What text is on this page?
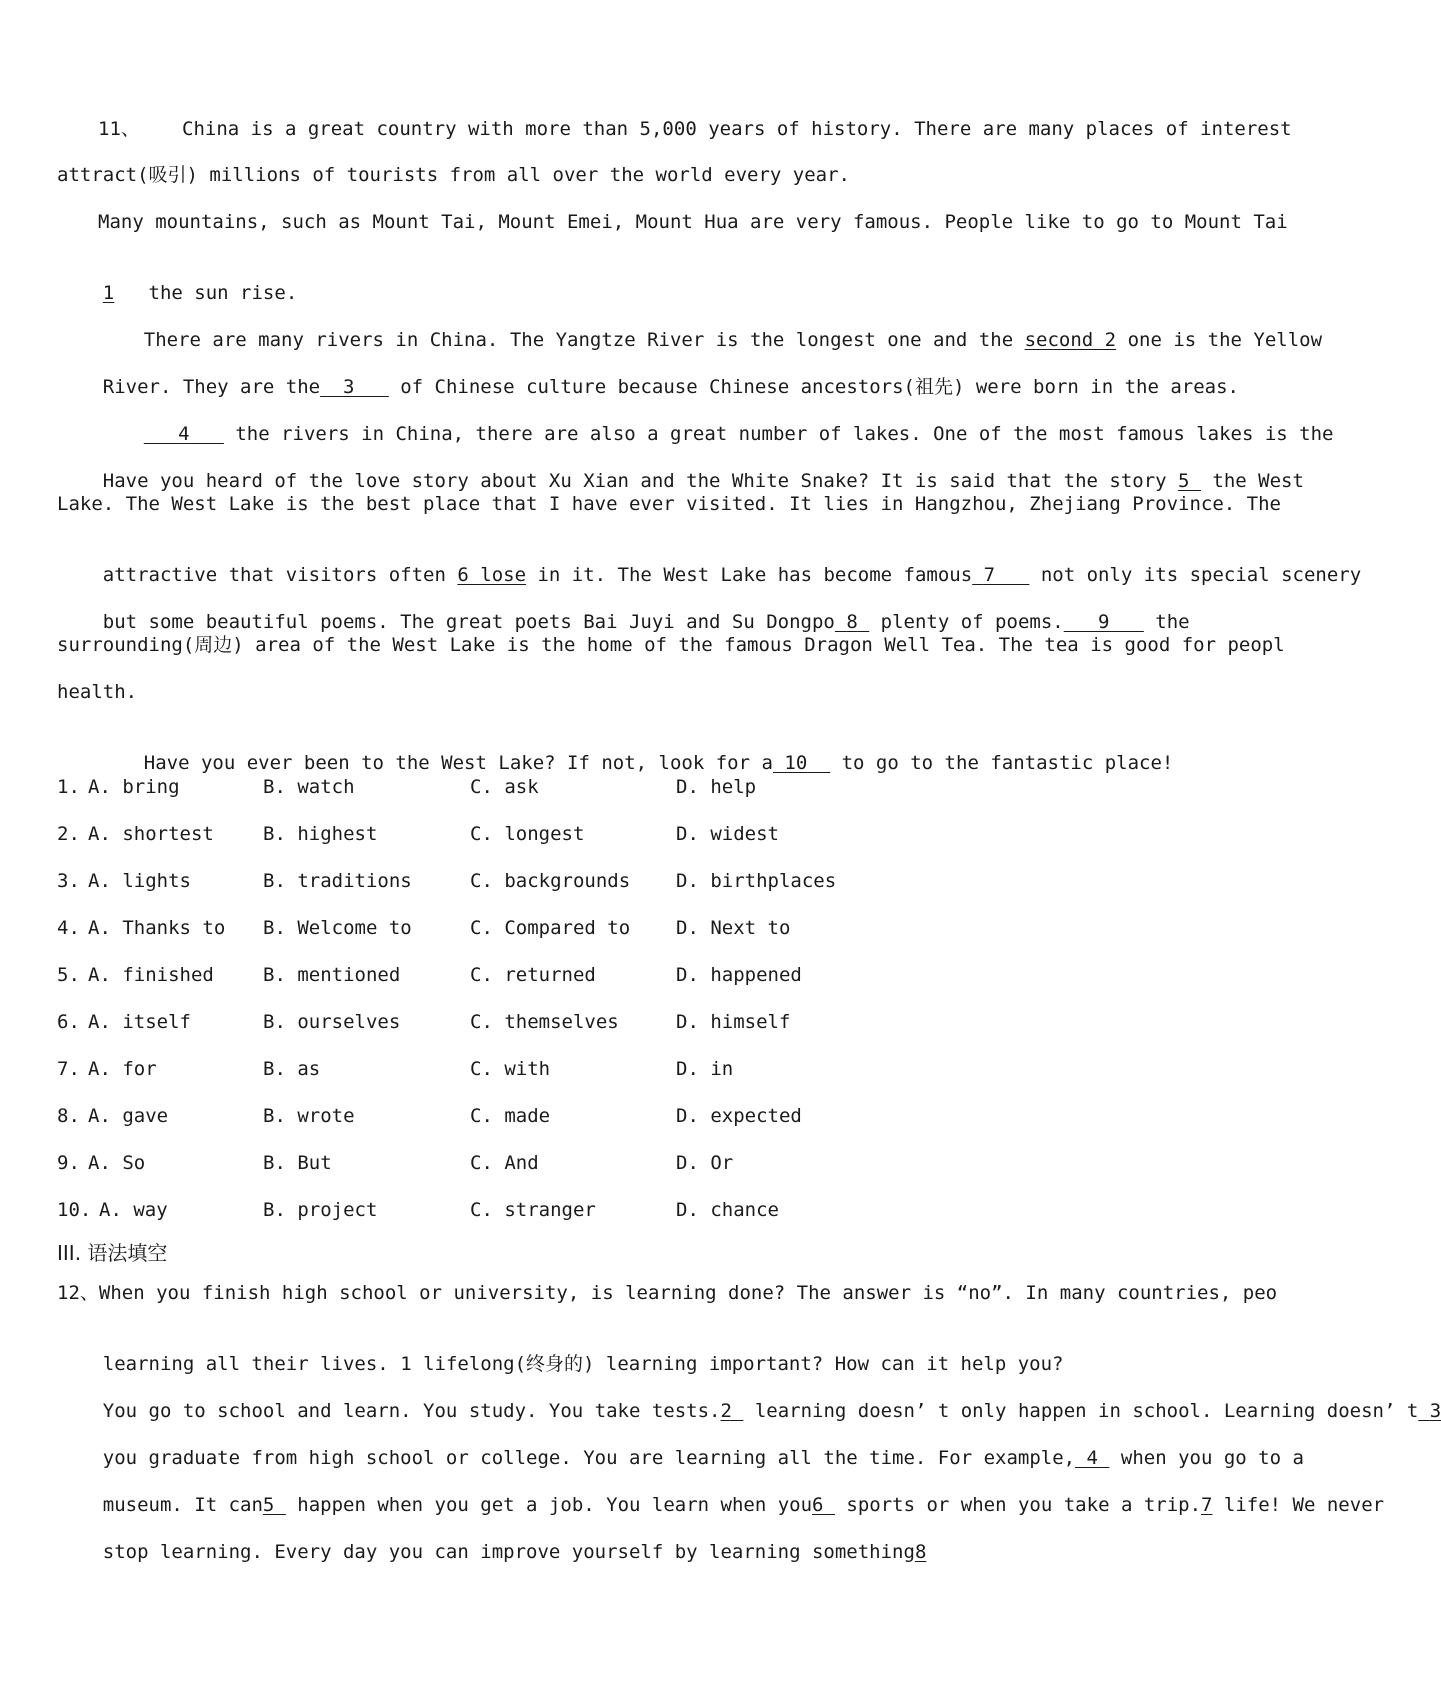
11、 China is a great country with more than 5,000 years of history. There are many places of interest
attract(吸引) millions of tourists from all over the world every year.
Many mountains, such as Mount Tai, Mount Emei, Mount Hua are very famous. People like to go to Mount Tai

1 the sun rise.

There are many rivers in China. The Yangtze River is the longest one and the second 2 one is the Yellow

River. They are the 3 of Chinese culture because Chinese ancestors(祖先) were born in the areas.

4 the rivers in China, there are also a great number of lakes. One of the most famous lakes is the

Have you heard of the love story about Xu Xian and the White Snake? It is said that the story 5 the West

Lake. The West Lake is the best place that I have ever visited. It lies in Hangzhou, Zhejiang Province. The

attractive that visitors often 6 lose in it. The West Lake has become famous 7 not only its special scenery

but some beautiful poems. The great poets Bai Juyi and Su Dongpo 8 plenty of poems. 9 the

surrounding(周边) area of the West Lake is the home of the famous Dragon Well Tea. The tea is good for peopl
health.

Have you ever been to the West Lake? If not, look for a 10 to go to the fantastic place!

1. A. bring	B. watch	C. ask	D. help
2. A. shortest	B. highest	C. longest	D. widest
3. A. lights	B. traditions	C. backgrounds D. birthplaces
4. A. Thanks to B. Welcome to	C. Compared to D. Next to
5. A. finished	B. mentioned	C. returned	D. happened
6. A. itself	B. ourselves	C. themselves	D. himself
7. A. for	B. as	C. with	D. in
8. A. gave	B. wrote	C. made	D. expected
9. A. So	B. But	C. And	D. Or
10. A. way	B. project	C. stranger	D. chance
III. 语法填空
12、When you finish high school or university, is learning done? The answer is “no”. In many countries, peo

learning all their lives. 1 lifelong(终身的) learning important? How can it help you?

You go to school and learn. You study. You take tests.2 learning doesn’ t only happen in school. Learning doesn’ t 3

you graduate from high school or college. You are learning all the time. For example, 4 when you go to a

museum. It can5 happen when you get a job. You learn when you6 sports or when you take a trip.7 life! We never

stop learning. Every day you can improve yourself by learning something8
